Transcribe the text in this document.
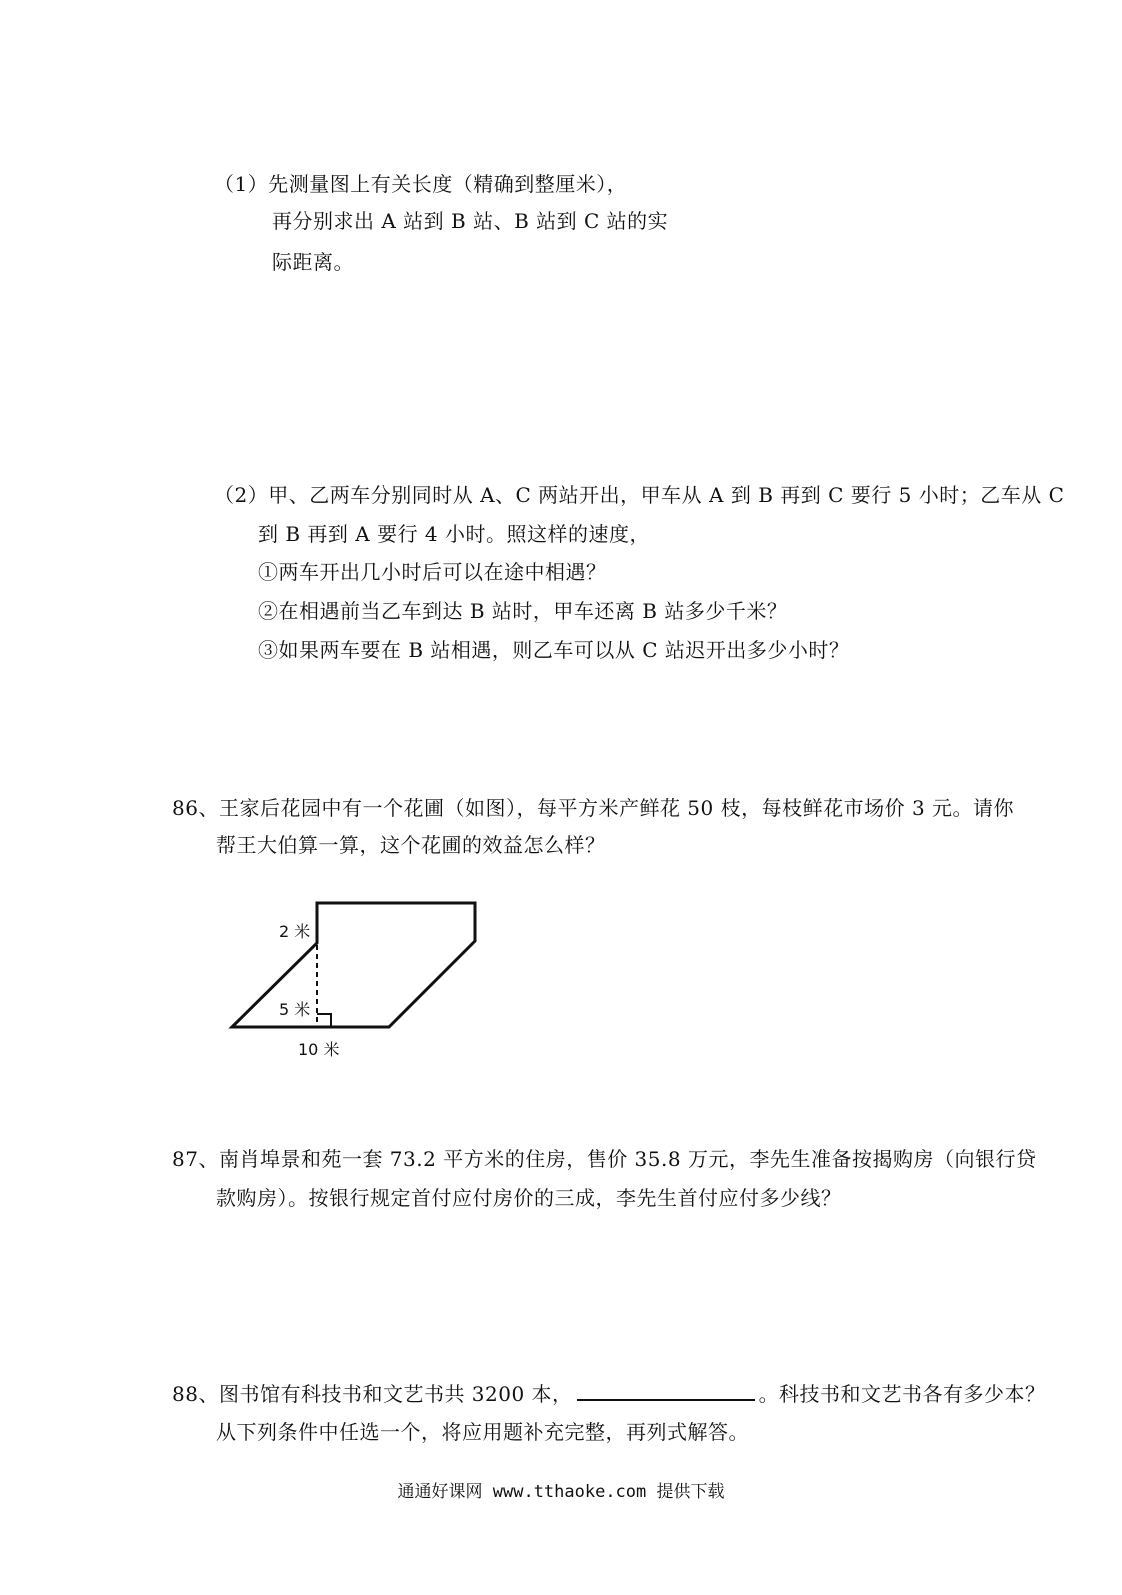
（1）先测量图上有关长度（精确到整厘米），
再分别求出 A 站到 B 站、B 站到 C 站的实
际距离。
（2）甲、乙两车分别同时从 A、C 两站开出，甲车从 A 到 B 再到 C 要行 5 小时；乙车从 C
到 B 再到 A 要行 4 小时。照这样的速度，
①两车开出几小时后可以在途中相遇？
②在相遇前当乙车到达 B 站时，甲车还离 B 站多少千米？
③如果两车要在 B 站相遇，则乙车可以从 C 站迟开出多少小时？
86、王家后花园中有一个花圃（如图），每平方米产鲜花 50 枝，每枝鲜花市场价 3 元。请你
帮王大伯算一算，这个花圃的效益怎么样？
2 米
5 米
10 米
87、南肖埠景和苑一套 73.2 平方米的住房，售价 35.8 万元，李先生准备按揭购房（向银行贷
款购房）。按银行规定首付应付房价的三成，李先生首付应付多少线？
88、图书馆有科技书和文艺书共 3200 本，	。科技书和文艺书各有多少本？
从下列条件中任选一个，将应用题补充完整，再列式解答。
通通好课网 www.tthaoke.com 提供下载
